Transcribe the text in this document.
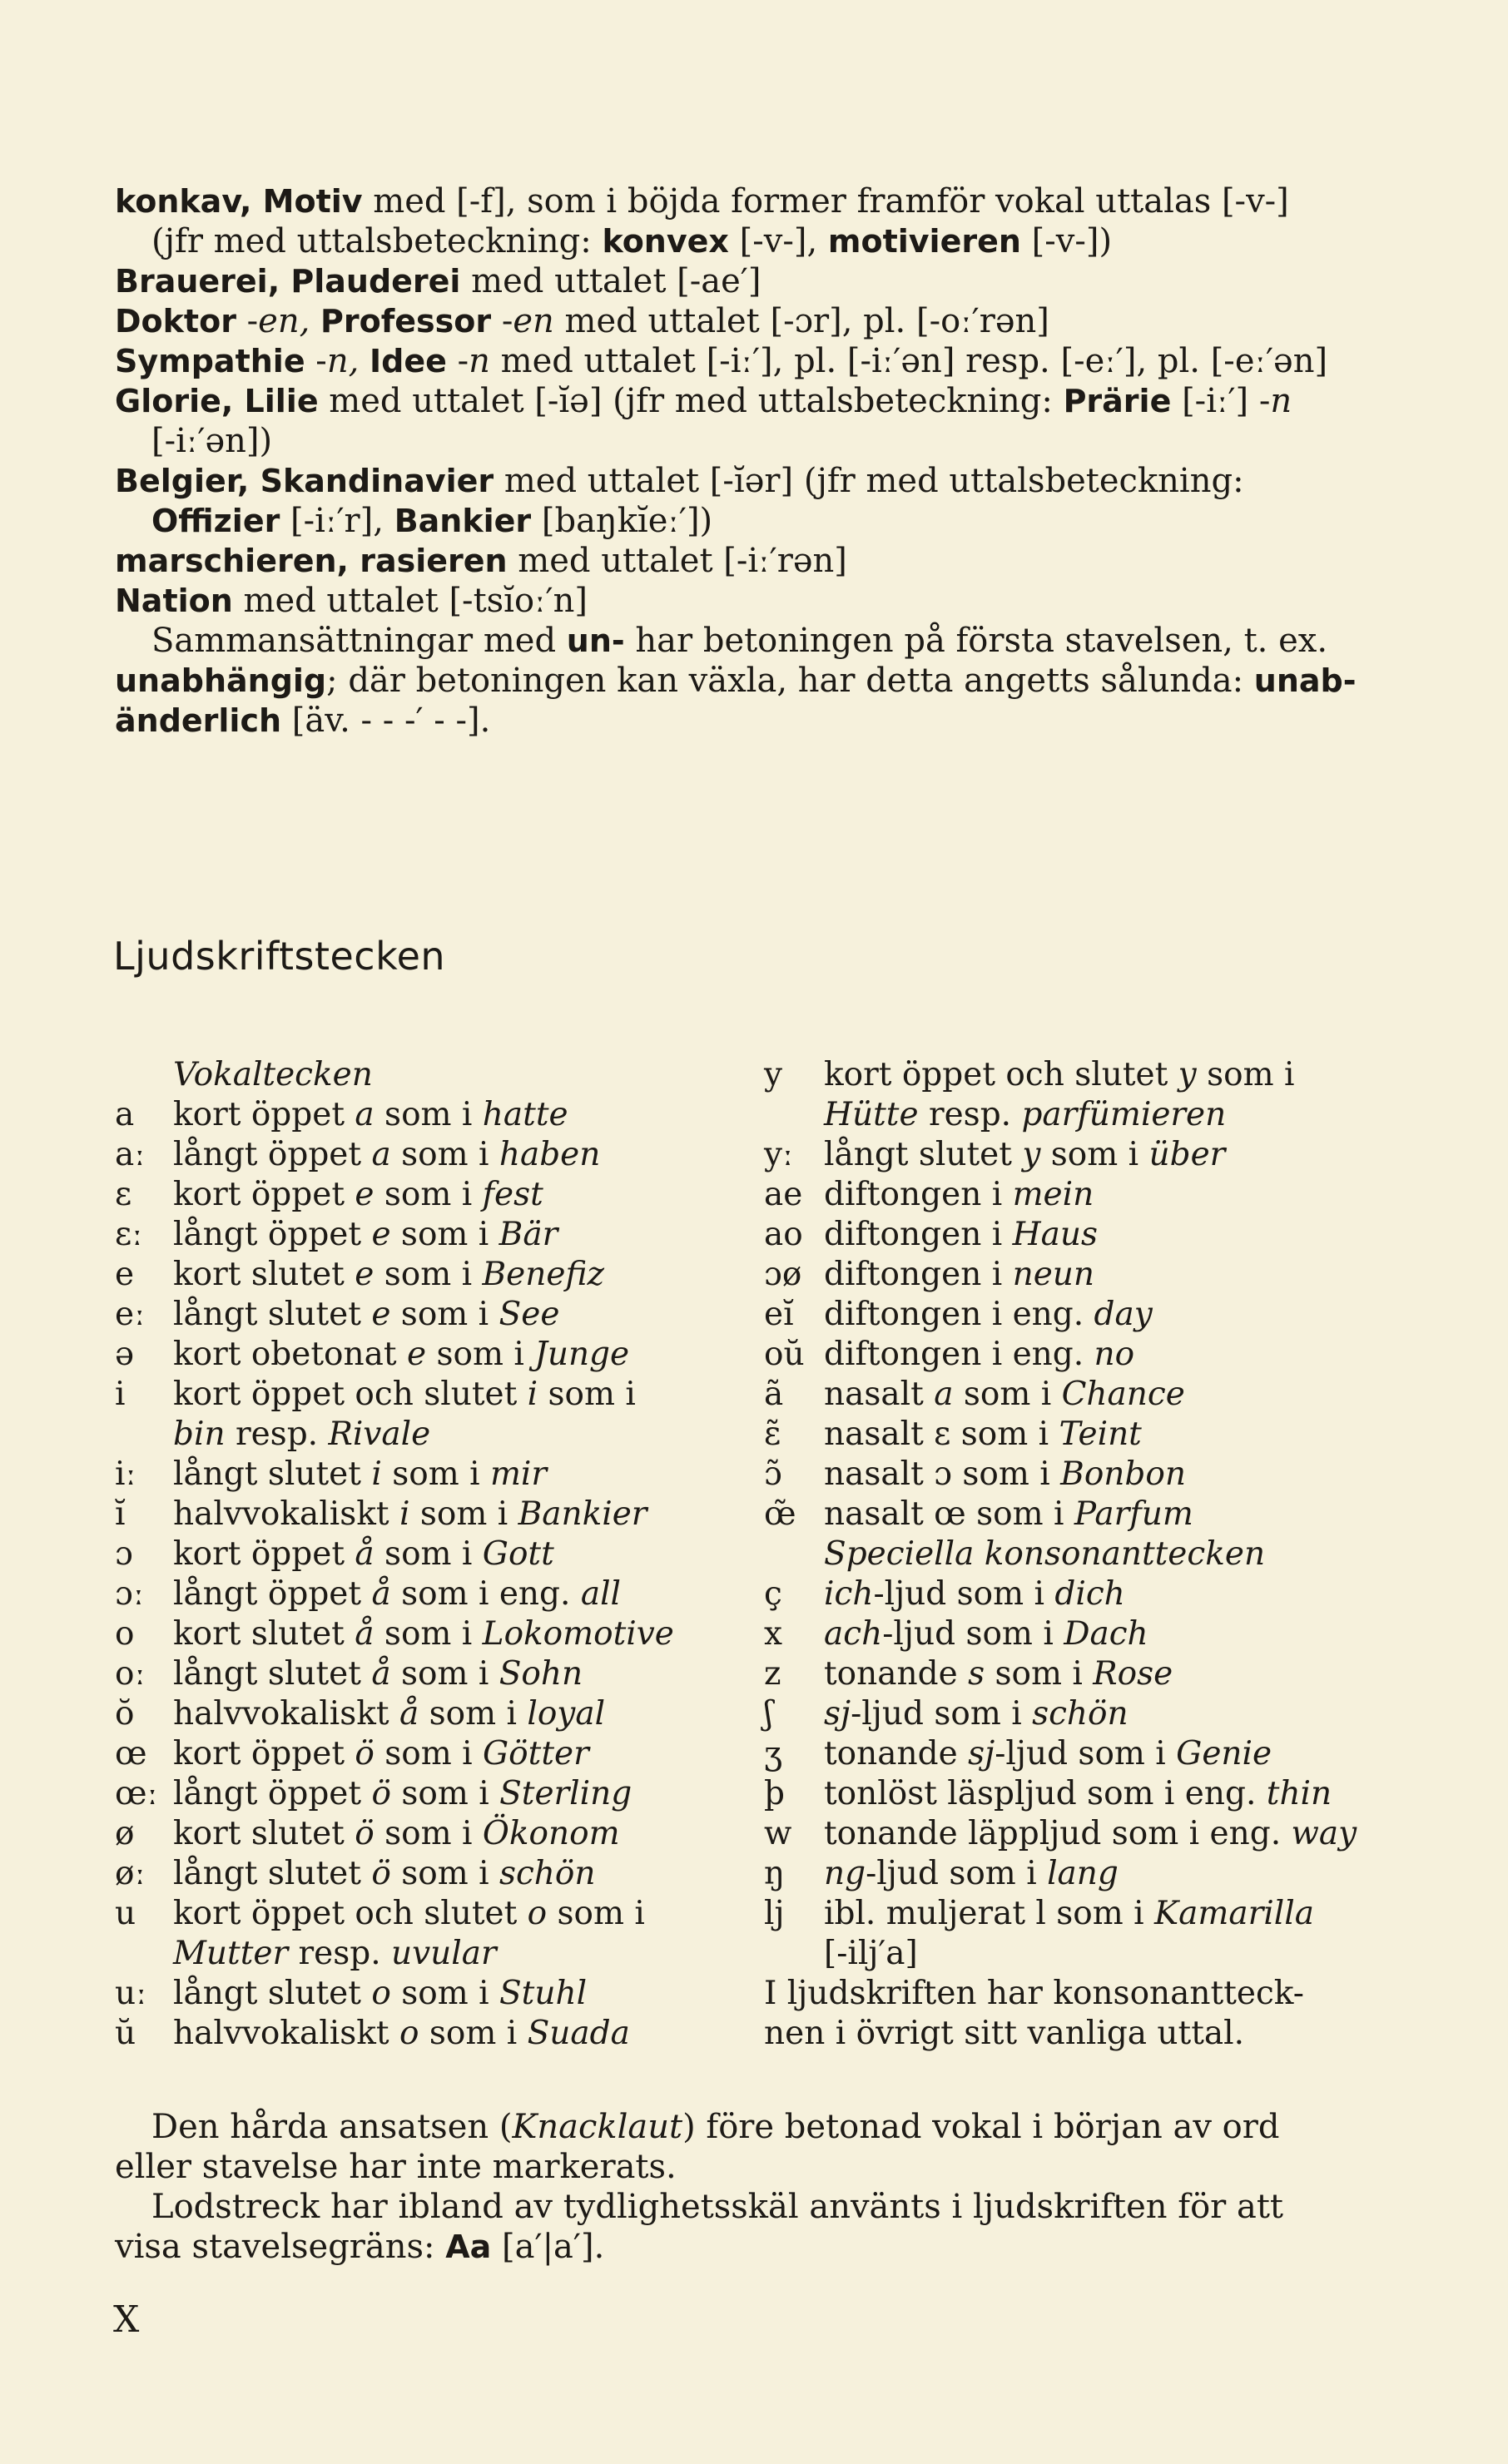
konkav, Motiv med [-f], som i böjda former framför vokal uttalas [-v-]
(jfr med uttalsbeteckning: konvex [-v-], motivieren [-v-])
Brauerei, Plauderei med uttalet [-ae′]
Doktor -en, Professor -en med uttalet [-ɔr], pl. [-oː′rən]
Sympathie -n, Idee -n med uttalet [-iː′], pl. [-iː′ən] resp. [-eː′], pl. [-eː′ən]
Glorie, Lilie med uttalet [-ĭə] (jfr med uttalsbeteckning: Prärie [-iː′] -n
[-iː′ən])
Belgier, Skandinavier med uttalet [-ĭər] (jfr med uttalsbeteckning:
Offizier [-iː′r], Bankier [baŋkĭeː′])
marschieren, rasieren med uttalet [-iː′rən]
Nation med uttalet [-tsĭoː′n]
Sammansättningar med un- har betoningen på första stavelsen, t. ex.
unabhängig; där betoningen kan växla, har detta angetts sålunda: unab-
änderlich [äv. - - -′ - -].
Ljudskriftstecken
Vokaltecken
a	kort öppet a som i hatte
aː långt öppet a som i haben
ɛ	kort öppet e som i fest
ɛː långt öppet e som i Bär
e	kort slutet e som i Benefiz
eː långt slutet e som i See
ə	kort obetonat e som i Junge
i	kort öppet och slutet i som i
bin resp. Rivale
iː	långt slutet i som i mir
ĭ	halvvokaliskt i som i Bankier
ɔ	kort öppet å som i Gott
ɔː långt öppet å som i eng. all
o	kort slutet å som i Lokomotive
oː långt slutet å som i Sohn
ŏ	halvvokaliskt å som i loyal
œ kort öppet ö som i Götter
œː långt öppet ö som i Sterling
ø	kort slutet ö som i Ökonom
øː långt slutet ö som i schön
u	kort öppet och slutet o som i
Mutter resp. uvular
uː långt slutet o som i Stuhl
ŭ	halvvokaliskt o som i Suada
y	kort öppet och slutet y som i
Hütte resp. parfümieren
yː långt slutet y som i über
ae diftongen i mein
ao diftongen i Haus
ɔø diftongen i neun
eĭ diftongen i eng. day
oŭ diftongen i eng. no
ã	nasalt a som i Chance
ɛ̃	nasalt ɛ som i Teint
ɔ̃	nasalt ɔ som i Bonbon
œ̃ nasalt œ som i Parfum
Speciella konsonanttecken
ç	ich-ljud som i dich
x	ach-ljud som i Dach
z	tonande s som i Rose
ʃ	sj-ljud som i schön
ʒ	tonande sj-ljud som i Genie
þ	tonlöst läspljud som i eng. thin
w tonande läppljud som i eng. way
ŋ	ng-ljud som i lang
lj	ibl. muljerat l som i Kamarilla
[-ilj′a]
I ljudskriften har konsonantteck-
nen i övrigt sitt vanliga uttal.
Den hårda ansatsen (Knacklaut) före betonad vokal i början av ord
eller stavelse har inte markerats.
Lodstreck har ibland av tydlighetsskäl använts i ljudskriften för att
visa stavelsegräns: Aa [a′|a′].
X
